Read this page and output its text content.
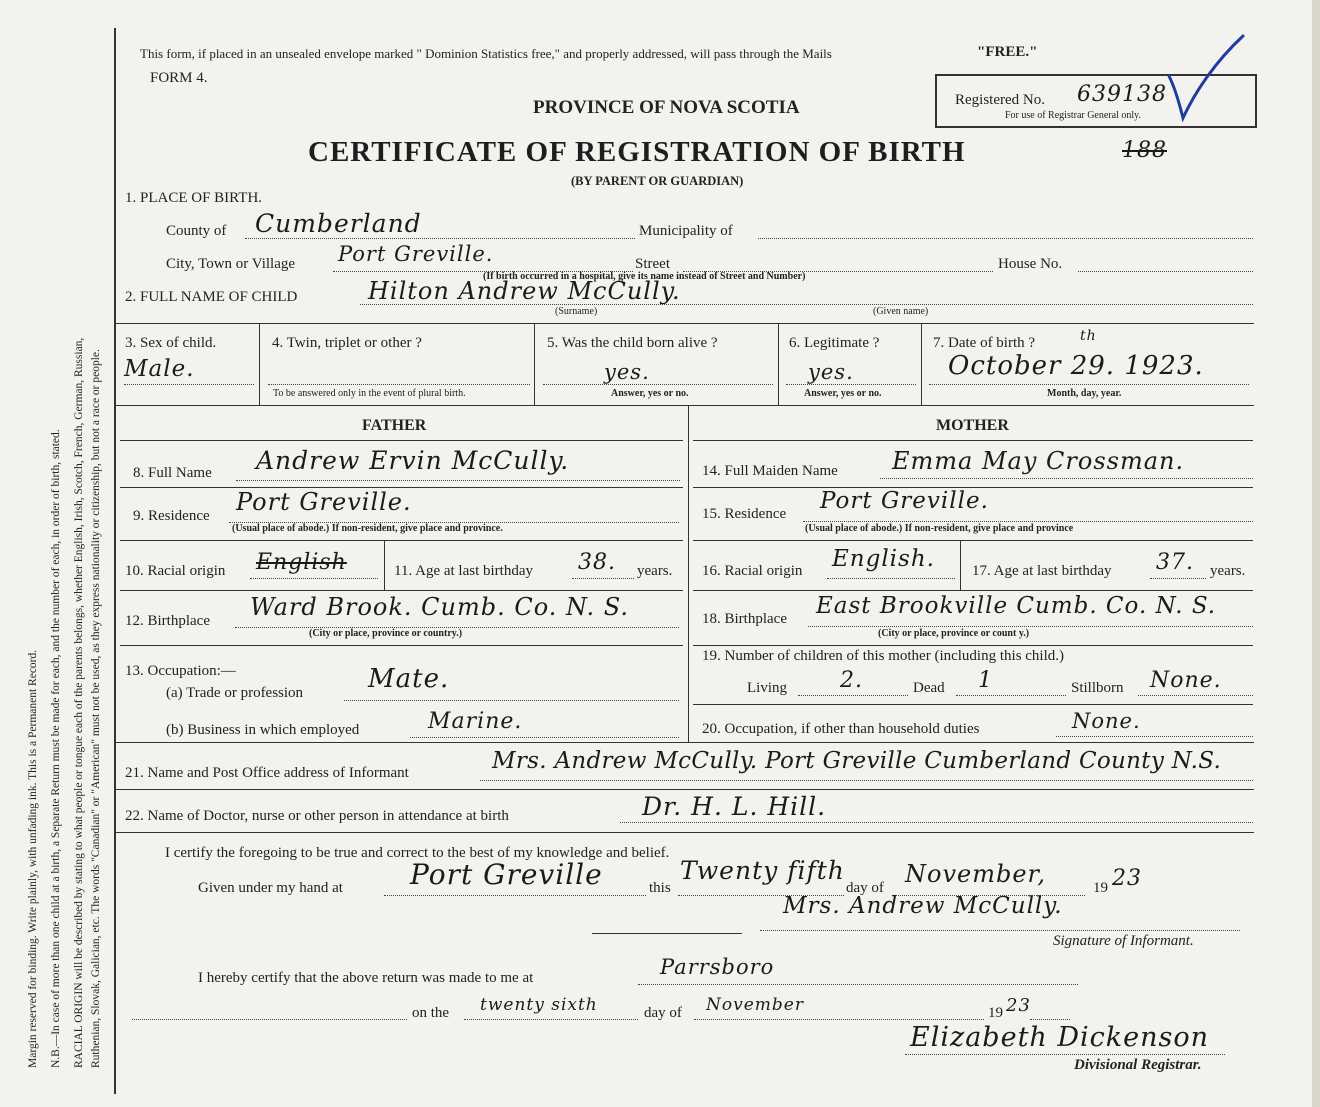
Margin reserved for binding. Write plainly, with unfading ink. This is a Permanent Record. N.B.—In case of more than one child at a birth, a Separate Return must be made for each, and the number of each, in order of birth, stated. RACIAL ORIGIN will be described by stating to what people or tongue each of the parents belongs, whether English, Irish, Scotch, French, German, Russian, Ruthenian, Slovak, Galician, etc. The words "Canadian" or "American" must not be used, as they express nationality or citizenship, but not a race or people.
This form, if placed in an unsealed envelope marked " Dominion Statistics free," and properly addressed, will pass through the Mails	"FREE."
FORM 4.
PROVINCE OF NOVA SCOTIA
CERTIFICATE OF REGISTRATION OF BIRTH
(BY PARENT OR GUARDIAN)
188
Registered No. 639138
For use of Registrar General only.
1. PLACE OF BIRTH.
County of Cumberland	Municipality of
City, Town or Village Port Greville.	Street	House No.
(If birth occurred in a hospital, give its name instead of Street and Number)
2. FULL NAME OF CHILD	Hilton Andrew McCully.
(Surname)	(Given name)
3. Sex of child.
Male.
4. Twin, triplet or other ?
To be answered only in the event of plural birth.
5. Was the child born alive ?
yes.
Answer, yes or no.
6. Legitimate ?
yes.
Answer, yes or no.
7. Date of birth ?	th
October 29. 1923.
Month, day, year.
FATHER	MOTHER
8. Full Name Andrew Ervin McCully.
9. Residence Port Greville.
(Usual place of abode.) If non-resident, give place and province.
10. Racial origin English	11. Age at last birthday 38. years.
12. Birthplace Ward Brook. Cumb. Co. N. S.
(City or place, province or country.)
13. Occupation:—
(a) Trade or profession Mate.
(b) Business in which employed	Marine.
14. Full Maiden Name Emma May Crossman.
15. Residence Port Greville.
(Usual place of abode.) If non-resident, give place and province
16. Racial origin English. 17. Age at last birthday 37. years.
18. Birthplace East Brookville Cumb. Co. N. S.
(City or place, province or count y.)
19. Number of children of this mother (including this child.)
Living 2.	Dead 1	Stillborn None.
20. Occupation, if other than household duties	None.
21. Name and Post Office address of Informant	Mrs. Andrew McCully. Port Greville Cumberland County N.S.
22. Name of Doctor, nurse or other person in attendance at birth	Dr. H. L. Hill.
I certify the foregoing to be true and correct to the best of my knowledge and belief.
Given under my hand at Port Greville	this
Twenty fifth
day of November,	19 23
Mrs. Andrew McCully.
Signature of Informant.
I hereby certify that the above return was made to me at	Parrsboro
on the twenty sixth	day of November	19 23
Elizabeth Dickenson
Divisional Registrar.
